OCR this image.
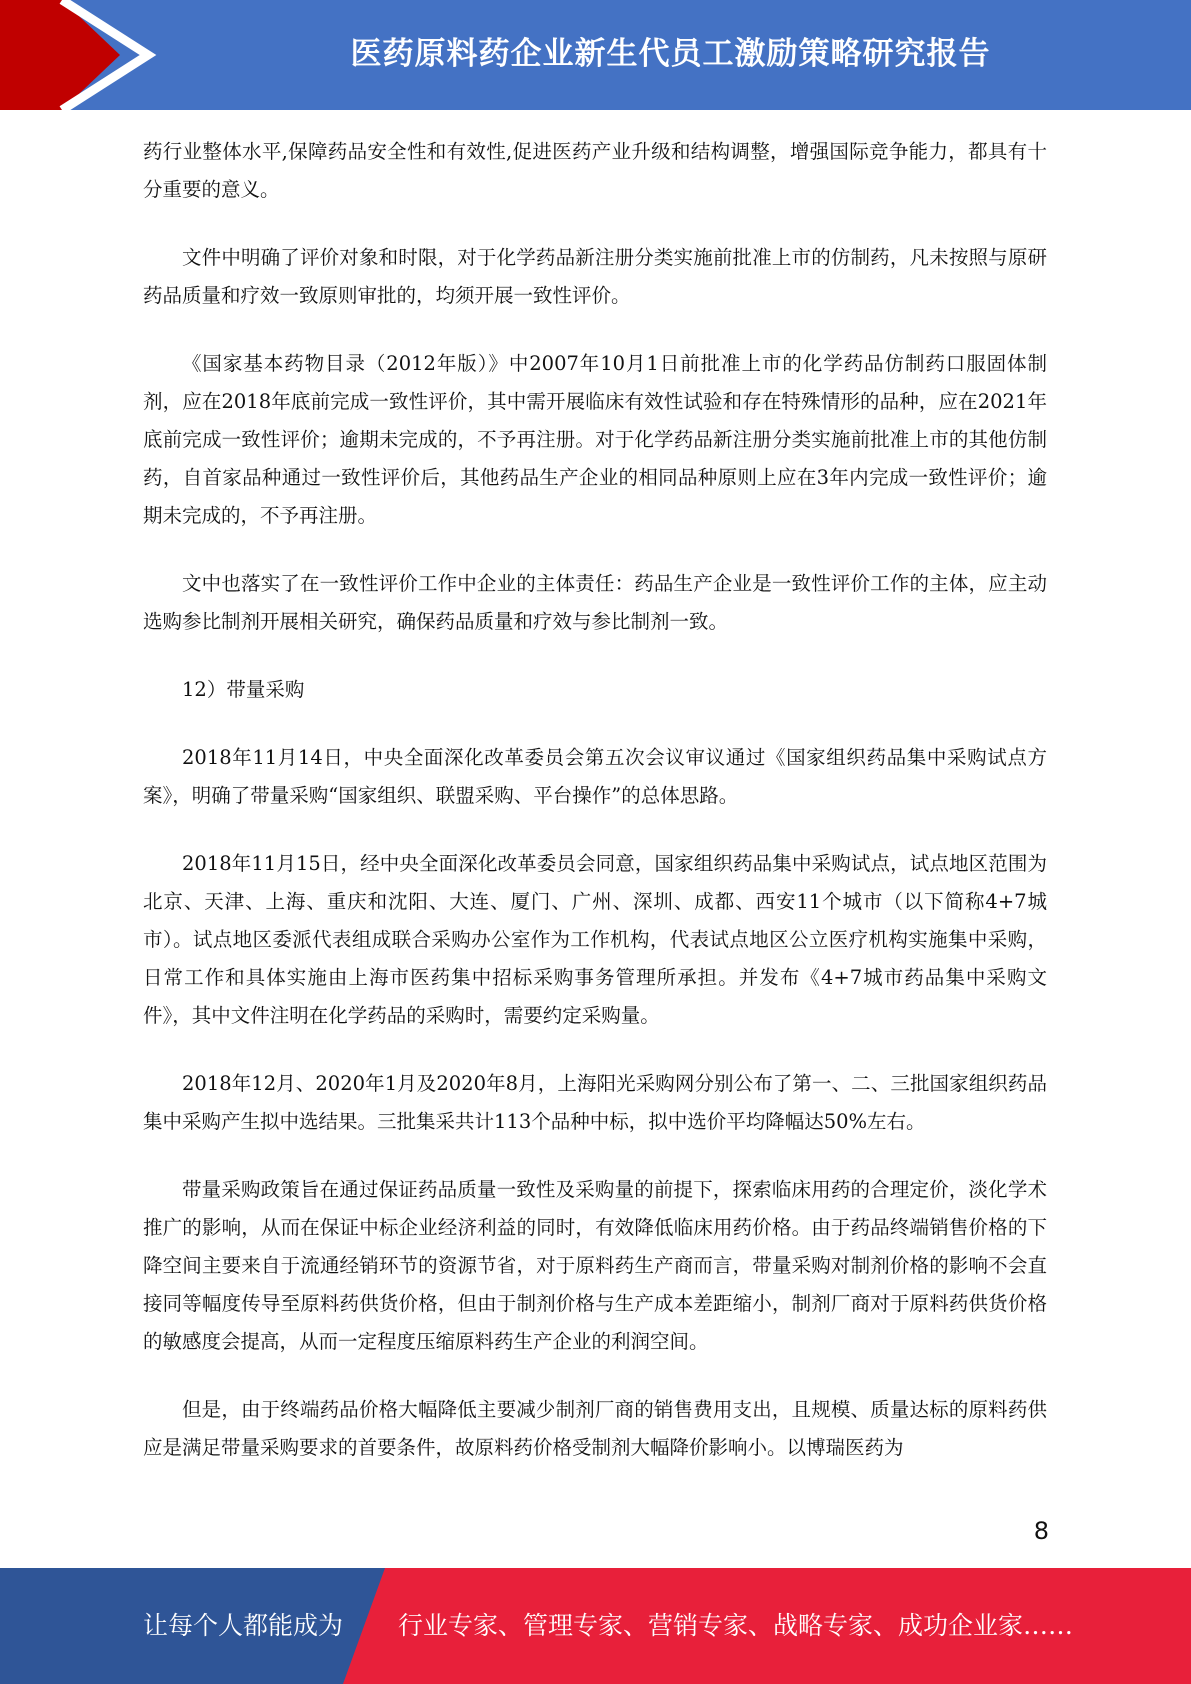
医药原料药企业新生代员工激励策略研究报告

药行业整体水平,保障药品安全性和有效性,促进医药产业升级和结构调整，增强国际竞争能力，都具有十分重要的意义。

文件中明确了评价对象和时限，对于化学药品新注册分类实施前批准上市的仿制药，凡未按照与原研药品质量和疗效一致原则审批的，均须开展一致性评价。

《国家基本药物目录（2012年版）》中2007年10月1日前批准上市的化学药品仿制药口服固体制剂，应在2018年底前完成一致性评价，其中需开展临床有效性试验和存在特殊情形的品种，应在2021年底前完成一致性评价；逾期未完成的，不予再注册。对于化学药品新注册分类实施前批准上市的其他仿制药，自首家品种通过一致性评价后，其他药品生产企业的相同品种原则上应在3年内完成一致性评价；逾期未完成的，不予再注册。

文中也落实了在一致性评价工作中企业的主体责任：药品生产企业是一致性评价工作的主体，应主动选购参比制剂开展相关研究，确保药品质量和疗效与参比制剂一致。

12）带量采购

2018年11月14日，中央全面深化改革委员会第五次会议审议通过《国家组织药品集中采购试点方案》，明确了带量采购“国家组织、联盟采购、平台操作”的总体思路。

2018年11月15日，经中央全面深化改革委员会同意，国家组织药品集中采购试点，试点地区范围为北京、天津、上海、重庆和沈阳、大连、厦门、广州、深圳、成都、西安11个城市（以下简称4+7城市）。试点地区委派代表组成联合采购办公室作为工作机构，代表试点地区公立医疗机构实施集中采购，日常工作和具体实施由上海市医药集中招标采购事务管理所承担。并发布《4+7城市药品集中采购文件》，其中文件注明在化学药品的采购时，需要约定采购量。

2018年12月、2020年1月及2020年8月，上海阳光采购网分别公布了第一、二、三批国家组织药品集中采购产生拟中选结果。三批集采共计113个品种中标，拟中选价平均降幅达50%左右。

带量采购政策旨在通过保证药品质量一致性及采购量的前提下，探索临床用药的合理定价，淡化学术推广的影响，从而在保证中标企业经济利益的同时，有效降低临床用药价格。由于药品终端销售价格的下降空间主要来自于流通经销环节的资源节省，对于原料药生产商而言，带量采购对制剂价格的影响不会直接同等幅度传导至原料药供货价格，但由于制剂价格与生产成本差距缩小，制剂厂商对于原料药供货价格的敏感度会提高，从而一定程度压缩原料药生产企业的利润空间。

但是，由于终端药品价格大幅降低主要减少制剂厂商的销售费用支出，且规模、质量达标的原料药供应是满足带量采购要求的首要条件，故原料药价格受制剂大幅降价影响小。以博瑞医药为

8
让每个人都能成为 行业专家、管理专家、营销专家、战略专家、成功企业家……
